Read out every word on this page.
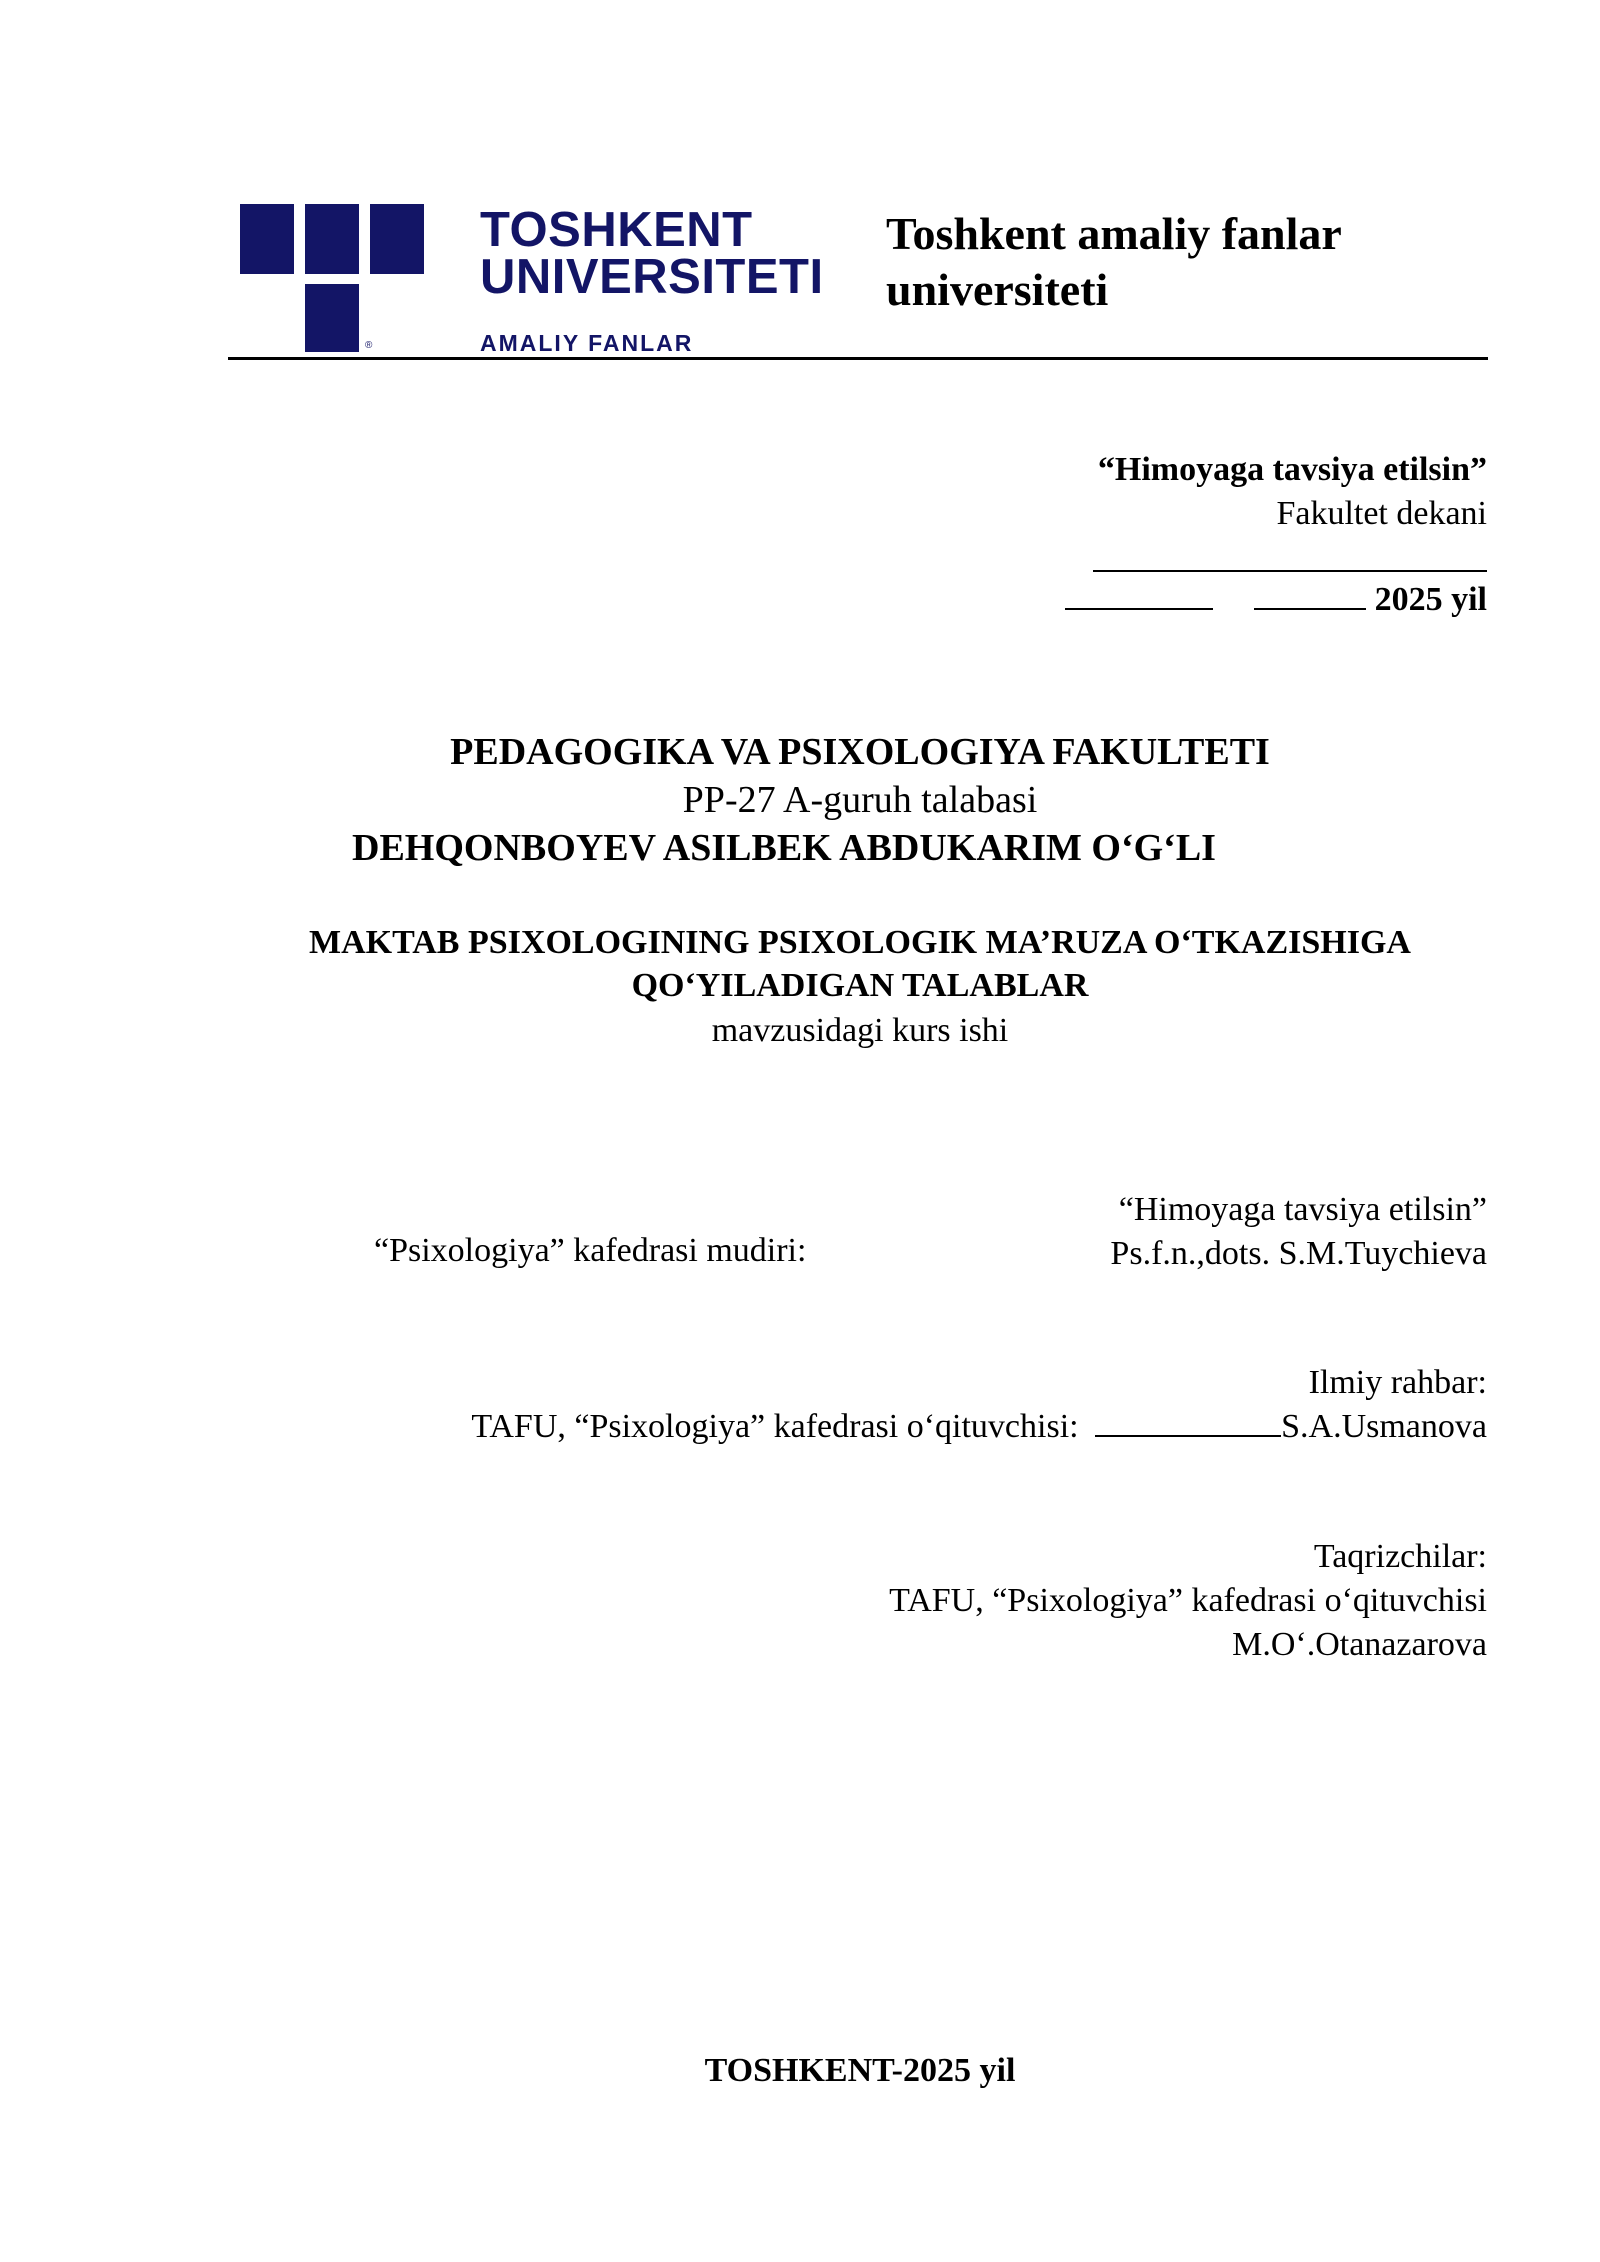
®
TOSHKENT
UNIVERSITETI
AMALIY FANLAR
Toshkent amaliy fanlar
universiteti
“Himoyaga tavsiya etilsin”
Fakultet dekani
2025 yil
PEDAGOGIKA VA PSIXOLOGIYA FAKULTETI
PP-27 A-guruh talabasi
DEHQONBOYEV ASILBEK ABDUKARIM O‘G‘LI
MAKTAB PSIXOLOGINING PSIXOLOGIK MA’RUZA O‘TKAZISHIGA
QO‘YILADIGAN TALABLAR
mavzusidagi kurs ishi
“Himoyaga tavsiya etilsin”
“Psixologiya” kafedrasi mudiri:	Ps.f.n.,dots. S.M.Tuychieva
Ilmiy rahbar:
TAFU, “Psixologiya” kafedrasi o‘qituvchisi:	S.A.Usmanova
Taqrizchilar:
TAFU, “Psixologiya” kafedrasi o‘qituvchisi
M.O‘.Otanazarova
TOSHKENT-2025 yil
